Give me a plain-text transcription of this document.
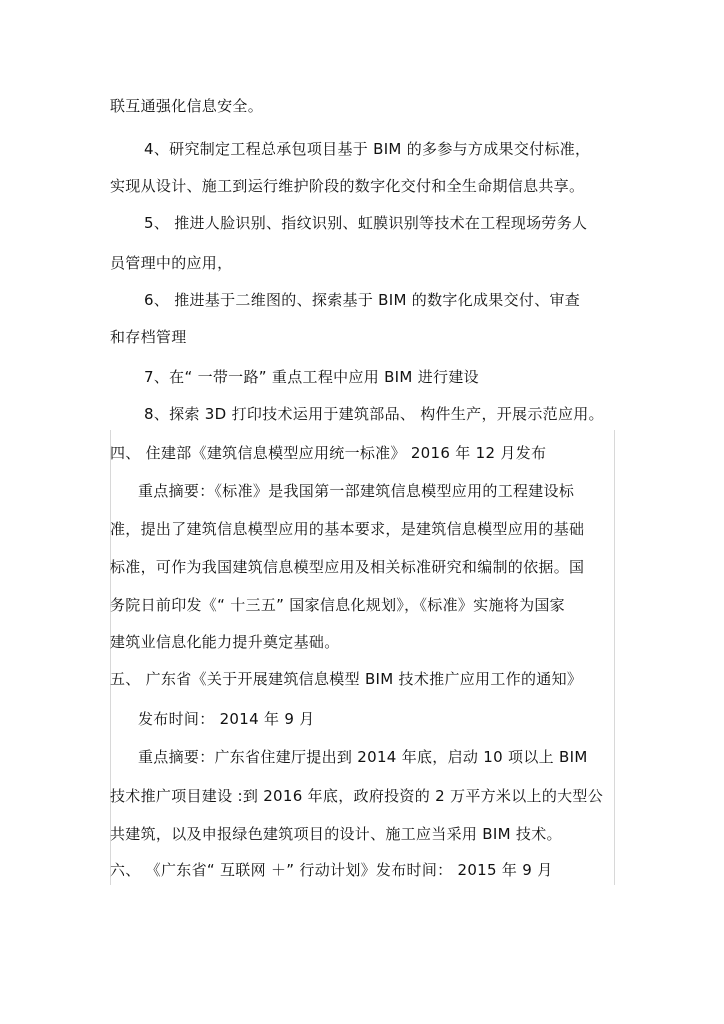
联互通强化信息安全。
4、研究制定工程总承包项目基于 BIM 的多参与方成果交付标准，
实现从设计、施工到运行维护阶段的数字化交付和全生命期信息共享。
5、 推进人脸识别、指纹识别、虹膜识别等技术在工程现场劳务人
员管理中的应用，
6、 推进基于二维图的、探索基于 BIM 的数字化成果交付、审查
和存档管理
7、在“ 一带一路” 重点工程中应用 BIM 进行建设
8、探索 3D 打印技术运用于建筑部品、 构件生产，开展示范应用。
四、 住建部《建筑信息模型应用统一标准》 2016 年 12 月发布
重点摘要：《标准》是我国第一部建筑信息模型应用的工程建设标
准，提出了建筑信息模型应用的基本要求，是建筑信息模型应用的基础
标准，可作为我国建筑信息模型应用及相关标准研究和编制的依据。国
务院日前印发《“ 十三五” 国家信息化规划》，《标准》实施将为国家
建筑业信息化能力提升奠定基础。
五、 广东省《关于开展建筑信息模型 BIM 技术推广应用工作的通知》
发布时间： 2014 年 9 月
重点摘要：广东省住建厅提出到 2014 年底，启动 10 项以上 BIM
技术推广项目建设 :到 2016 年底，政府投资的 2 万平方米以上的大型公
共建筑，以及申报绿色建筑项目的设计、施工应当采用 BIM 技术。
六、 《广东省“ 互联网 ＋” 行动计划》发布时间： 2015 年 9 月
